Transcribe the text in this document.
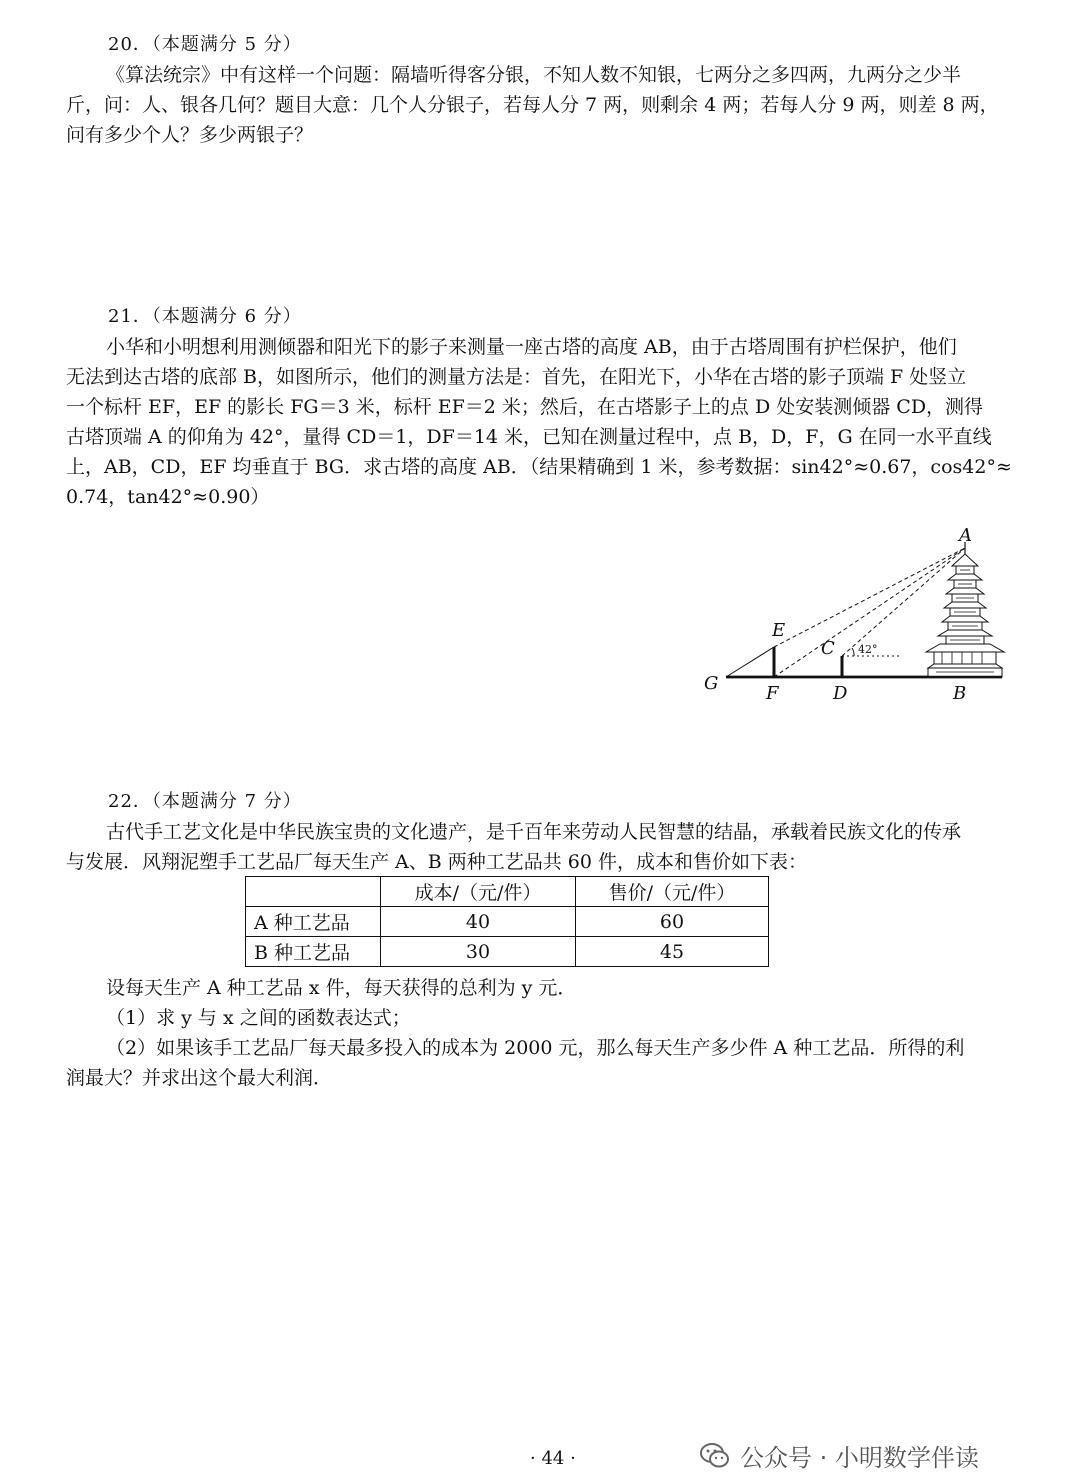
20．（本题满分 5 分）

《算法统宗》中有这样一个问题：隔墙听得客分银，不知人数不知银，七两分之多四两，九两分之少半

斤，问：人、银各几何？题目大意：几个人分银子，若每人分 7 两，则剩余 4 两；若每人分 9 两，则差 8 两，

问有多少个人？多少两银子？

21．（本题满分 6 分）

小华和小明想利用测倾器和阳光下的影子来测量一座古塔的高度 AB，由于古塔周围有护栏保护，他们

无法到达古塔的底部 B，如图所示，他们的测量方法是：首先，在阳光下，小华在古塔的影子顶端 F 处竖立

一个标杆 EF，EF 的影长 FG＝3 米，标杆 EF＝2 米；然后，在古塔影子上的点 D 处安装测倾器 CD，测得

古塔顶端 A 的仰角为 42°，量得 CD＝1，DF＝14 米，已知在测量过程中，点 B，D，F，G 在同一水平直线

上，AB，CD，EF 均垂直于 BG．求古塔的高度 AB．（结果精确到 1 米，参考数据：sin42°≈0.67，cos42°≈

0.74，tan42°≈0.90）

A
B
C
D
E
F
G
42°
22．（本题满分 7 分）

古代手工艺文化是中华民族宝贵的文化遗产，是千百年来劳动人民智慧的结晶，承载着民族文化的传承

与发展．风翔泥塑手工艺品厂每天生产 A、B 两种工艺品共 60 件，成本和售价如下表：

	成本/（元/件）	售价/（元/件）
A 种工艺品	40	60
B 种工艺品	30	45

设每天生产 A 种工艺品 x 件，每天获得的总利为 y 元．

（1）求 y 与 x 之间的函数表达式；

（2）如果该手工艺品厂每天最多投入的成本为 2000 元，那么每天生产多少件 A 种工艺品．所得的利

润最大？并求出这个最大利润．

· 44 ·	公众号 · 小明数学伴读
